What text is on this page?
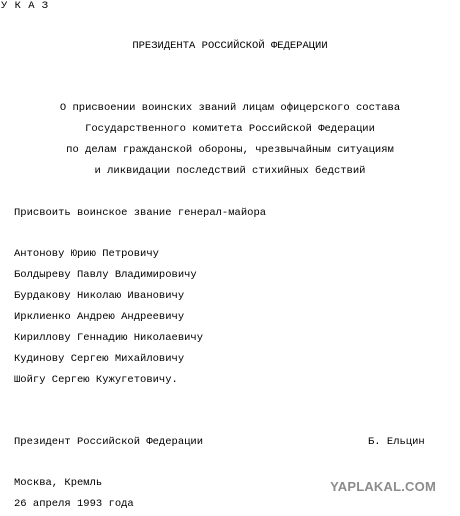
У К А З
ПРЕЗИДЕНТА РОССИЙСКОЙ ФЕДЕРАЦИИ
О присвоении воинских званий лицам офицерского состава
Государственного комитета Российской Федерации
по делам гражданской обороны, чрезвычайным ситуациям
и ликвидации последствий стихийных бедствий
Присвоить воинское звание генерал-майора
Антонову Юрию Петровичу
Болдыреву Павлу Владимировичу
Бурдакову Николаю Ивановичу
Ирклиенко Андрею Андреевичу
Кириллову Геннадию Николаевичу
Кудинову Сергею Михайловичу
Шойгу Сергею Кужугетовичу.
Президент Российской Федерации	Б. Ельцин
Москва, Кремль
26 апреля 1993 года
YAPLAKAL.COM
